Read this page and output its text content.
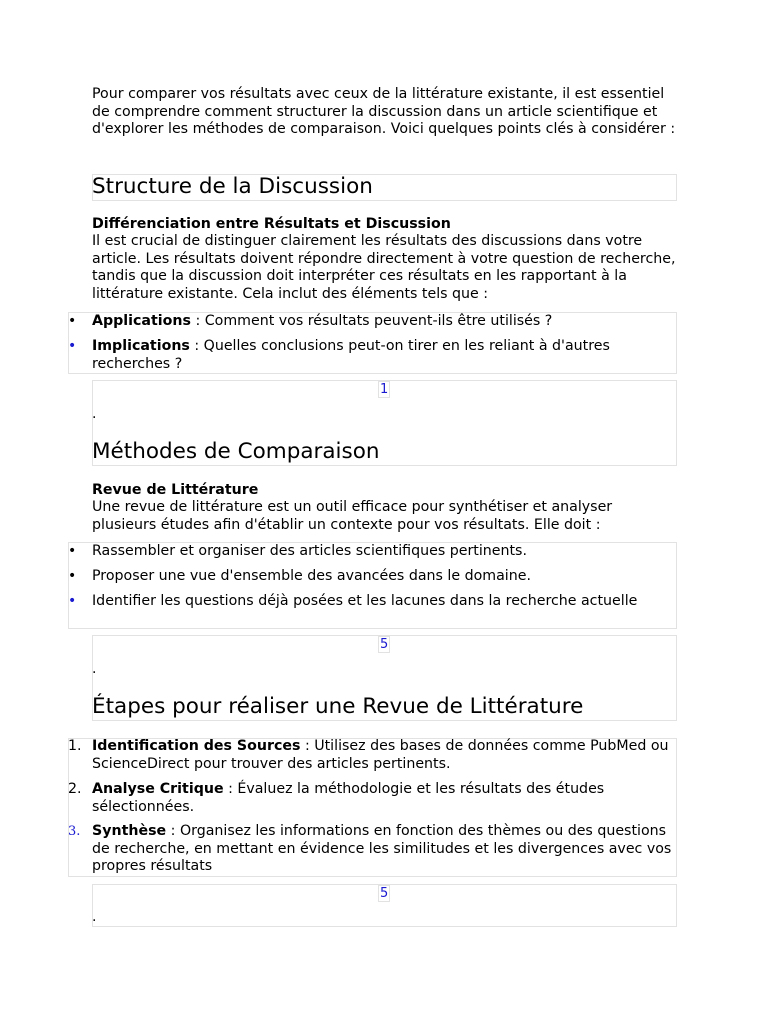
Pour comparer vos résultats avec ceux de la littérature existante, il est essentiel de comprendre comment structurer la discussion dans un article scientifique et d'explorer les méthodes de comparaison. Voici quelques points clés à considérer :
Structure de la Discussion
Différenciation entre Résultats et Discussion
Il est crucial de distinguer clairement les résultats des discussions dans votre article. Les résultats doivent répondre directement à votre question de recherche, tandis que la discussion doit interpréter ces résultats en les rapportant à la littérature existante. Cela inclut des éléments tels que :
• Applications : Comment vos résultats peuvent-ils être utilisés ?
• Implications : Quelles conclusions peut-on tirer en les reliant à d'autres recherches ?
1
.
Méthodes de Comparaison
Revue de Littérature
Une revue de littérature est un outil efficace pour synthétiser et analyser plusieurs études afin d'établir un contexte pour vos résultats. Elle doit :
• Rassembler et organiser des articles scientifiques pertinents.
• Proposer une vue d'ensemble des avancées dans le domaine.
• Identifier les questions déjà posées et les lacunes dans la recherche actuelle
5
.
Étapes pour réaliser une Revue de Littérature
1. Identification des Sources : Utilisez des bases de données comme PubMed ou ScienceDirect pour trouver des articles pertinents.
2. Analyse Critique : Évaluez la méthodologie et les résultats des études sélectionnées.
3. Synthèse : Organisez les informations en fonction des thèmes ou des questions de recherche, en mettant en évidence les similitudes et les divergences avec vos propres résultats
5
.
